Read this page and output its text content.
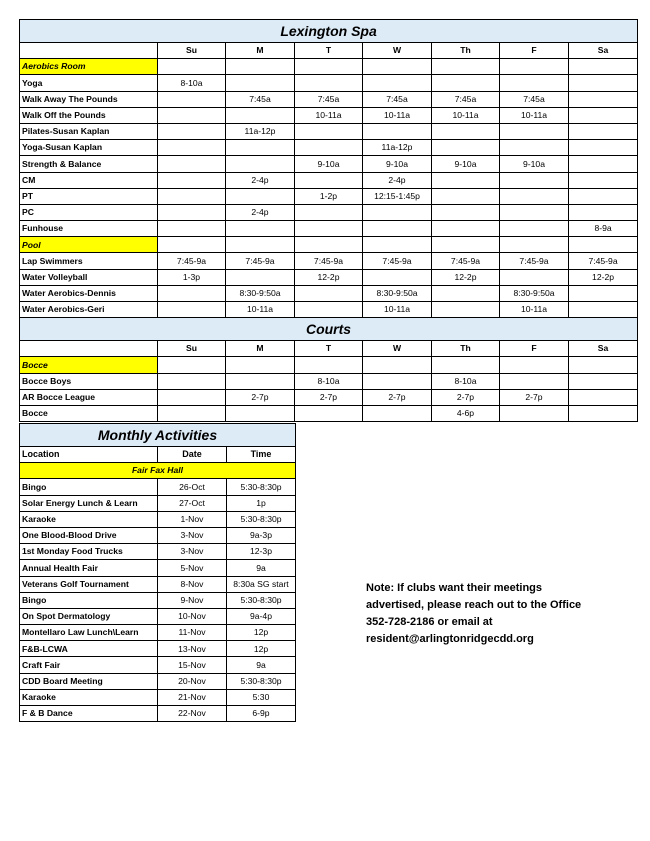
Lexington Spa							
	Su	M	T	W	Th	F	Sa
Aerobics Room							
Yoga	8-10a						
Walk Away The Pounds		7:45a	7:45a	7:45a	7:45a	7:45a	
Walk Off the Pounds			10-11a	10-11a	10-11a	10-11a	
Pilates-Susan Kaplan		11a-12p					
Yoga-Susan Kaplan				11a-12p			
Strength & Balance			9-10a	9-10a	9-10a	9-10a	
CM		2-4p		2-4p			
PT			1-2p	12:15-1:45p			
PC		2-4p					
Funhouse							8-9a
Pool							
Lap Swimmers	7:45-9a	7:45-9a	7:45-9a	7:45-9a	7:45-9a	7:45-9a	7:45-9a
Water Volleyball	1-3p		12-2p		12-2p		12-2p
Water Aerobics-Dennis		8:30-9:50a		8:30-9:50a		8:30-9:50a	
Water Aerobics-Geri		10-11a		10-11a		10-11a	
Courts							
	Su	M	T	W	Th	F	Sa
Bocce							
Bocce Boys			8-10a		8-10a		
AR Bocce League		2-7p	2-7p	2-7p	2-7p	2-7p	
Bocce					4-6p		
Monthly Activities		
Location	Date	Time
Fair Fax Hall		
Bingo	26-Oct	5:30-8:30p
Solar Energy Lunch & Learn	27-Oct	1p
Karaoke	1-Nov	5:30-8:30p
One Blood-Blood Drive	3-Nov	9a-3p
1st Monday Food Trucks	3-Nov	12-3p
Annual Health Fair	5-Nov	9a
Veterans Golf Tournament	8-Nov	8:30a SG start
Bingo	9-Nov	5:30-8:30p
On Spot Dermatology	10-Nov	9a-4p
Montellaro Law Lunch\Learn	11-Nov	12p
F&B-LCWA	13-Nov	12p
Craft Fair	15-Nov	9a
CDD Board Meeting	20-Nov	5:30-8:30p
Karaoke	21-Nov	5:30
F & B Dance	22-Nov	6-9p
Note: If clubs want their meetings advertised, please reach out to the Office 352-728-2186 or email at resident@arlingtonridgecdd.org
